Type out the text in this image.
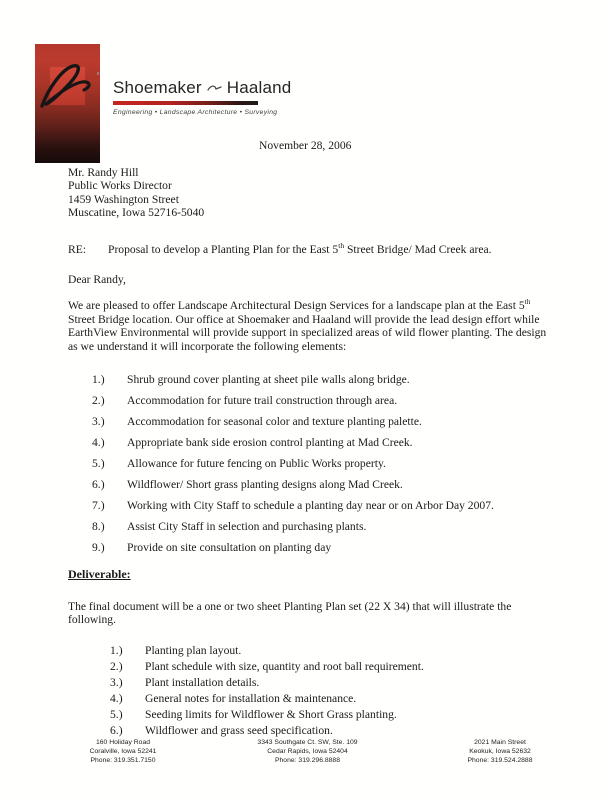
Shoemaker Haaland
Engineering • Landscape Architecture • Surveying
November 28, 2006
Mr. Randy Hill
Public Works Director
1459 Washington Street
Muscatine, Iowa 52716-5040
RE:	Proposal to develop a Planting Plan for the East 5th Street Bridge/ Mad Creek area.
Dear Randy,
We are pleased to offer Landscape Architectural Design Services for a landscape plan at the East 5th Street Bridge location. Our office at Shoemaker and Haaland will provide the lead design effort while EarthView Environmental will provide support in specialized areas of wild flower planting. The design as we understand it will incorporate the following elements:
1.)	Shrub ground cover planting at sheet pile walls along bridge.
2.)	Accommodation for future trail construction through area.
3.)	Accommodation for seasonal color and texture planting palette.
4.)	Appropriate bank side erosion control planting at Mad Creek.
5.)	Allowance for future fencing on Public Works property.
6.)	Wildflower/ Short grass planting designs along Mad Creek.
7.)	Working with City Staff to schedule a planting day near or on Arbor Day 2007.
8.)	Assist City Staff in selection and purchasing plants.
9.)	Provide on site consultation on planting day
Deliverable:
The final document will be a one or two sheet Planting Plan set (22 X 34) that will illustrate the following.
1.)	Planting plan layout.
2.)	Plant schedule with size, quantity and root ball requirement.
3.)	Plant installation details.
4.)	General notes for installation & maintenance.
5.)	Seeding limits for Wildflower & Short Grass planting.
6.)	Wildflower and grass seed specification.
160 Holiday Road
Coralville, Iowa 52241
Phone: 319.351.7150
3343 Southgate Ct. SW, Ste. 109
Cedar Rapids, Iowa 52404
Phone: 319.296.8888
2021 Main Street
Keokuk, Iowa 52632
Phone: 319.524.2888
